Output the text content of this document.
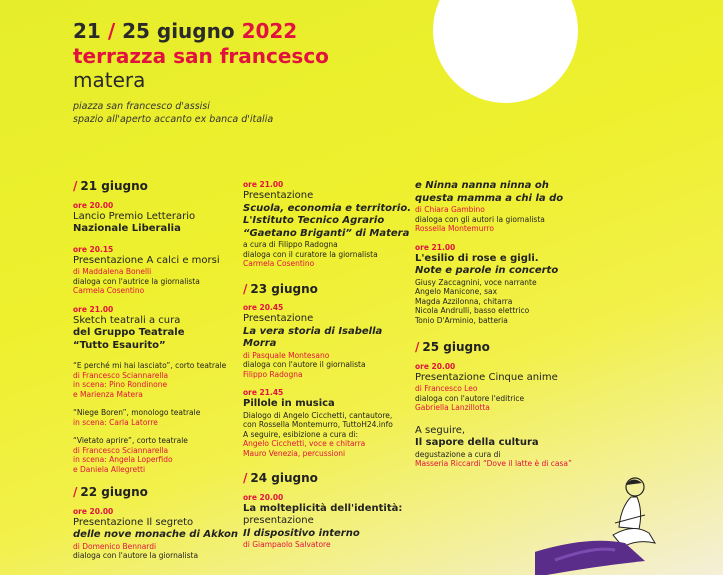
21 / 25 giugno 2022
terrazza san francesco
matera
piazza san francesco d'assisi
spazio all'aperto accanto ex banca d'italia
/ 21 giugno
ore 20.00
Lancio Premio Letterario
Nazionale Liberalia
ore 20.15
Presentazione A calci e morsi
di Maddalena Bonelli
dialoga con l'autrice la giornalista
Carmela Cosentino
ore 21.00
Sketch teatrali a cura
del Gruppo Teatrale
“Tutto Esaurito”
“E perché mi hai lasciato”, corto teatrale
di Francesco Sciannarella
in scena: Pino Rondinone
e Marienza Matera
“Niege Boren”, monologo teatrale
in scena: Carla Latorre
“Vietato aprire”, corto teatrale
di Francesco Sciannarella
in scena: Angela Loperfido
e Daniela Allegretti
/ 22 giugno
ore 20.00
Presentazione Il segreto
delle nove monache di Akkon
di Domenico Bennardi
dialoga con l'autore la giornalista
ore 21.00
Presentazione
Scuola, economia e territorio.
L'Istituto Tecnico Agrario
“Gaetano Briganti” di Matera
a cura di Filippo Radogna
dialoga con il curatore la giornalista
Carmela Cosentino
/ 23 giugno
ore 20.45
Presentazione
La vera storia di Isabella Morra
di Pasquale Montesano
dialoga con l'autore il giornalista
Filippo Radogna
ore 21.45
Pillole in musica
Dialogo di Angelo Cicchetti, cantautore,
con Rossella Montemurro, TuttoH24.info
A seguire, esibizione a cura di:
Angelo Cicchetti, voce e chitarra
Mauro Venezia, percussioni
/ 24 giugno
ore 20.00
La molteplicità dell'identità:
presentazione
Il dispositivo interno
di Giampaolo Salvatore
e Ninna nanna ninna oh
questa mamma a chi la do
di Chiara Gambino
dialoga con gli autori la giornalista
Rossella Montemurro
ore 21.00
L'esilio di rose e gigli.
Note e parole in concerto
Giusy Zaccagnini, voce narrante
Angelo Manicone, sax
Magda Azzilonna, chitarra
Nicola Andrulli, basso elettrico
Tonio D'Arminio, batteria
/ 25 giugno
ore 20.00
Presentazione Cinque anime
di Francesco Leo
dialoga con l'autore l'editrice
Gabriella Lanzillotta
A seguire,
Il sapore della cultura
degustazione a cura di
Masseria Riccardi “Dove il latte è di casa”
